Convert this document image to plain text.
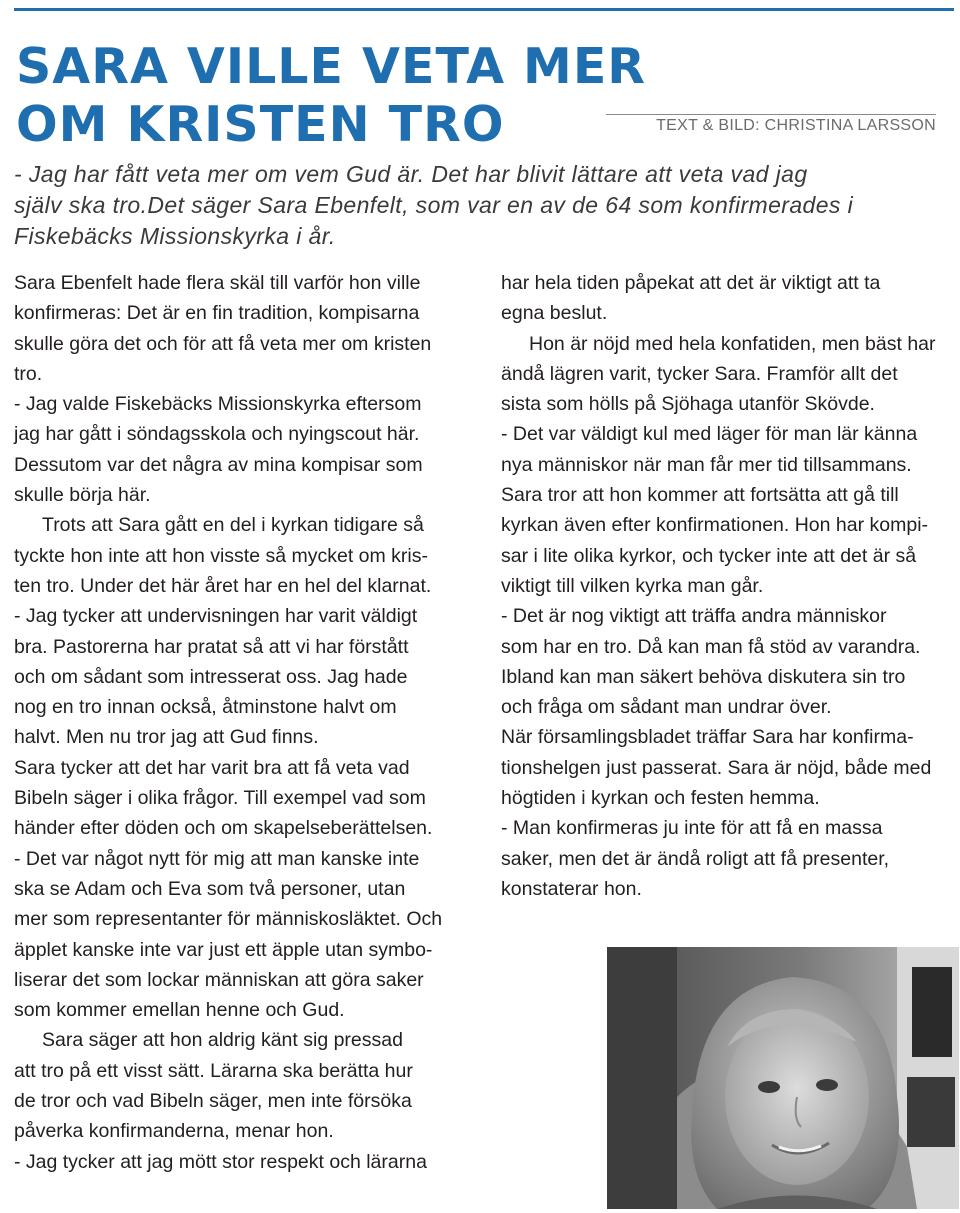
SARA VILLE VETA MER
OM KRISTEN TRO	TEXT & BILD: CHRISTINA LARSSON

- Jag har fått veta mer om vem Gud är. Det har blivit lättare att veta vad jag
själv ska tro.Det säger Sara Ebenfelt, som var en av de 64 som konfirmerades i
Fiskebäcks Missionskyrka i år.

Sara Ebenfelt hade flera skäl till varför hon ville
konfirmeras: Det är en fin tradition, kompisarna
skulle göra det och för att få veta mer om kristen
tro.

- Jag valde Fiskebäcks Missionskyrka eftersom
jag har gått i söndagsskola och nyingscout här.
Dessutom var det några av mina kompisar som
skulle börja här.

Trots att Sara gått en del i kyrkan tidigare så
tyckte hon inte att hon visste så mycket om kris-
ten tro. Under det här året har en hel del klarnat.

- Jag tycker att undervisningen har varit väldigt
bra. Pastorerna har pratat så att vi har förstått
och om sådant som intresserat oss. Jag hade
nog en tro innan också, åtminstone halvt om
halvt. Men nu tror jag att Gud finns.

Sara tycker att det har varit bra att få veta vad
Bibeln säger i olika frågor. Till exempel vad som
händer efter döden och om skapelseberättelsen.

- Det var något nytt för mig att man kanske inte
ska se Adam och Eva som två personer, utan
mer som representanter för människosläktet. Och
äpplet kanske inte var just ett äpple utan symbo-
liserar det som lockar människan att göra saker
som kommer emellan henne och Gud.

Sara säger att hon aldrig känt sig pressad
att tro på ett visst sätt. Lärarna ska berätta hur
de tror och vad Bibeln säger, men inte försöka
påverka konfirmanderna, menar hon.

- Jag tycker att jag mött stor respekt och lärarna

har hela tiden påpekat att det är viktigt att ta
egna beslut.

Hon är nöjd med hela konfatiden, men bäst har
ändå lägren varit, tycker Sara. Framför allt det
sista som hölls på Sjöhaga utanför Skövde.

- Det var väldigt kul med läger för man lär känna
nya människor när man får mer tid tillsammans.

Sara tror att hon kommer att fortsätta att gå till
kyrkan även efter konfirmationen. Hon har kompi-
sar i lite olika kyrkor, och tycker inte att det är så
viktigt till vilken kyrka man går.

- Det är nog viktigt att träffa andra människor
som har en tro. Då kan man få stöd av varandra.
Ibland kan man säkert behöva diskutera sin tro
och fråga om sådant man undrar över.

När församlingsbladet träffar Sara har konfirma-
tionshelgen just passerat. Sara är nöjd, både med
högtiden i kyrkan och festen hemma.

- Man konfirmeras ju inte för att få en massa
saker, men det är ändå roligt att få presenter,
konstaterar hon.
